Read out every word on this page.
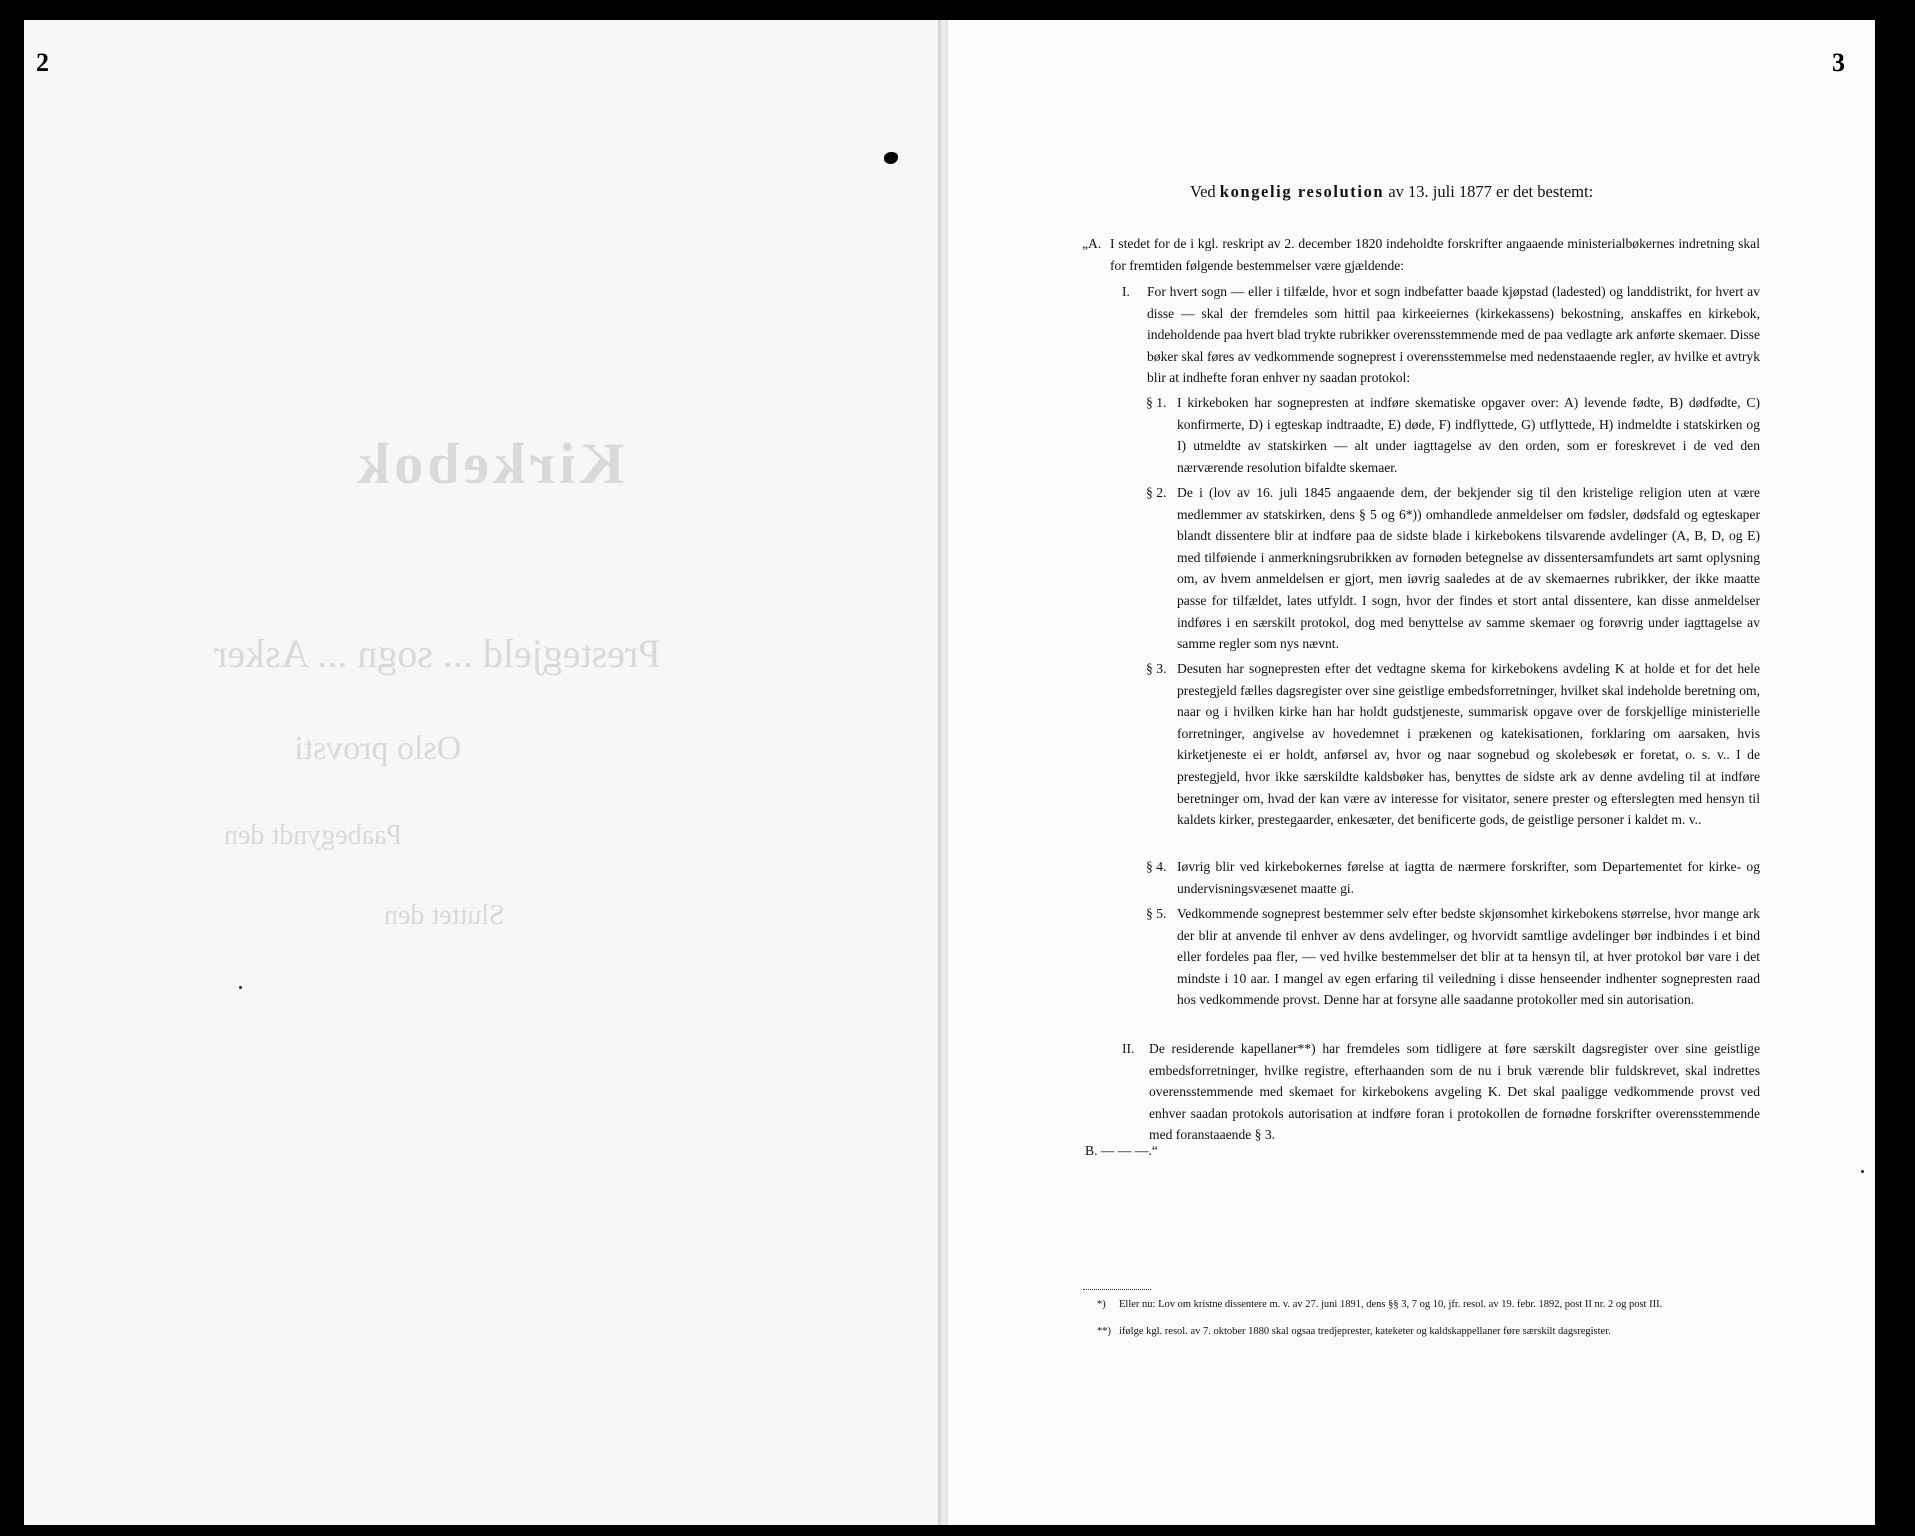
2
Kirkebok
Prestegjeld ... sogn ... Asker
Oslo provsti
Paabegyndt den
Sluttet den
3
Ved kongelig resolution av 13. juli 1877 er det bestemt:
„A. I stedet for de i kgl. reskript av 2. december 1820 indeholdte forskrifter angaaende ministerialbøkernes indretning skal for fremtiden følgende bestemmelser være gjældende:
I. For hvert sogn — eller i tilfælde, hvor et sogn indbefatter baade kjøpstad (ladested) og landdistrikt, for hvert av disse — skal der fremdeles som hittil paa kirkeeiernes (kirkekassens) bekostning, anskaffes en kirkebok, indeholdende paa hvert blad trykte rubrikker overensstemmende med de paa vedlagte ark anførte skemaer. Disse bøker skal føres av vedkommende sogneprest i overensstemmelse med nedenstaaende regler, av hvilke et avtryk blir at indhefte foran enhver ny saadan protokol:
§ 1. I kirkeboken har sognepresten at indføre skematiske opgaver over: A) levende fødte, B) dødfødte, C) konfirmerte, D) i egteskap indtraadte, E) døde, F) indflyttede, G) utflyttede, H) indmeldte i statskirken og I) utmeldte av statskirken — alt under iagttagelse av den orden, som er foreskrevet i de ved den nærværende resolution bifaldte skemaer.
§ 2. De i (lov av 16. juli 1845 angaaende dem, der bekjender sig til den kristelige religion uten at være medlemmer av statskirken, dens § 5 og 6*)) omhandlede anmeldelser om fødsler, dødsfald og egteskaper blandt dissentere blir at indføre paa de sidste blade i kirkebokens tilsvarende avdelinger (A, B, D, og E) med tilføiende i anmerkningsrubrikken av fornøden betegnelse av dissentersamfundets art samt oplysning om, av hvem anmeldelsen er gjort, men iøvrig saaledes at de av skemaernes rubrikker, der ikke maatte passe for tilfældet, lates utfyldt. I sogn, hvor der findes et stort antal dissentere, kan disse anmeldelser indføres i en særskilt protokol, dog med benyttelse av samme skemaer og forøvrig under iagttagelse av samme regler som nys nævnt.
§ 3. Desuten har sognepresten efter det vedtagne skema for kirkebokens avdeling K at holde et for det hele prestegjeld fælles dagsregister over sine geistlige embedsforretninger, hvilket skal indeholde beretning om, naar og i hvilken kirke han har holdt gudstjeneste, summarisk opgave over de forskjellige ministerielle forretninger, angivelse av hovedemnet i prækenen og katekisationen, forklaring om aarsaken, hvis kirketjeneste ei er holdt, anførsel av, hvor og naar sognebud og skolebesøk er foretat, o. s. v.. I de prestegjeld, hvor ikke særskildte kaldsbøker has, benyttes de sidste ark av denne avdeling til at indføre beretninger om, hvad der kan være av interesse for visitator, senere prester og efterslegten med hensyn til kaldets kirker, prestegaarder, enkesæter, det benificerte gods, de geistlige personer i kaldet m. v..
§ 4. Iøvrig blir ved kirkebokernes førelse at iagtta de nærmere forskrifter, som Departementet for kirke- og undervisningsvæsenet maatte gi.
§ 5. Vedkommende sogneprest bestemmer selv efter bedste skjønsomhet kirkebokens størrelse, hvor mange ark der blir at anvende til enhver av dens avdelinger, og hvorvidt samtlige avdelinger bør indbindes i et bind eller fordeles paa fler, — ved hvilke bestemmelser det blir at ta hensyn til, at hver protokol bør vare i det mindste i 10 aar. I mangel av egen erfaring til veiledning i disse henseender indhenter sognepresten raad hos vedkommende provst. Denne har at forsyne alle saadanne protokoller med sin autorisation.
II. De residerende kapellaner**) har fremdeles som tidligere at føre særskilt dagsregister over sine geistlige embedsforretninger, hvilke registre, efterhaanden som de nu i bruk værende blir fuldskrevet, skal indrettes overensstemmende med skemaet for kirkebokens avgeling K. Det skal paaligge vedkommende provst ved enhver saadan protokols autorisation at indføre foran i protokollen de fornødne forskrifter overensstemmende med foranstaaende § 3.
B. — — —.“
*) Eller nu: Lov om kristne dissentere m. v. av 27. juni 1891, dens §§ 3, 7 og 10, jfr. resol. av 19. febr. 1892, post II nr. 2 og post III.
**) ifølge kgl. resol. av 7. oktober 1880 skal ogsaa tredjeprester, kateketer og kaldskappellaner føre særskilt dagsregister.
